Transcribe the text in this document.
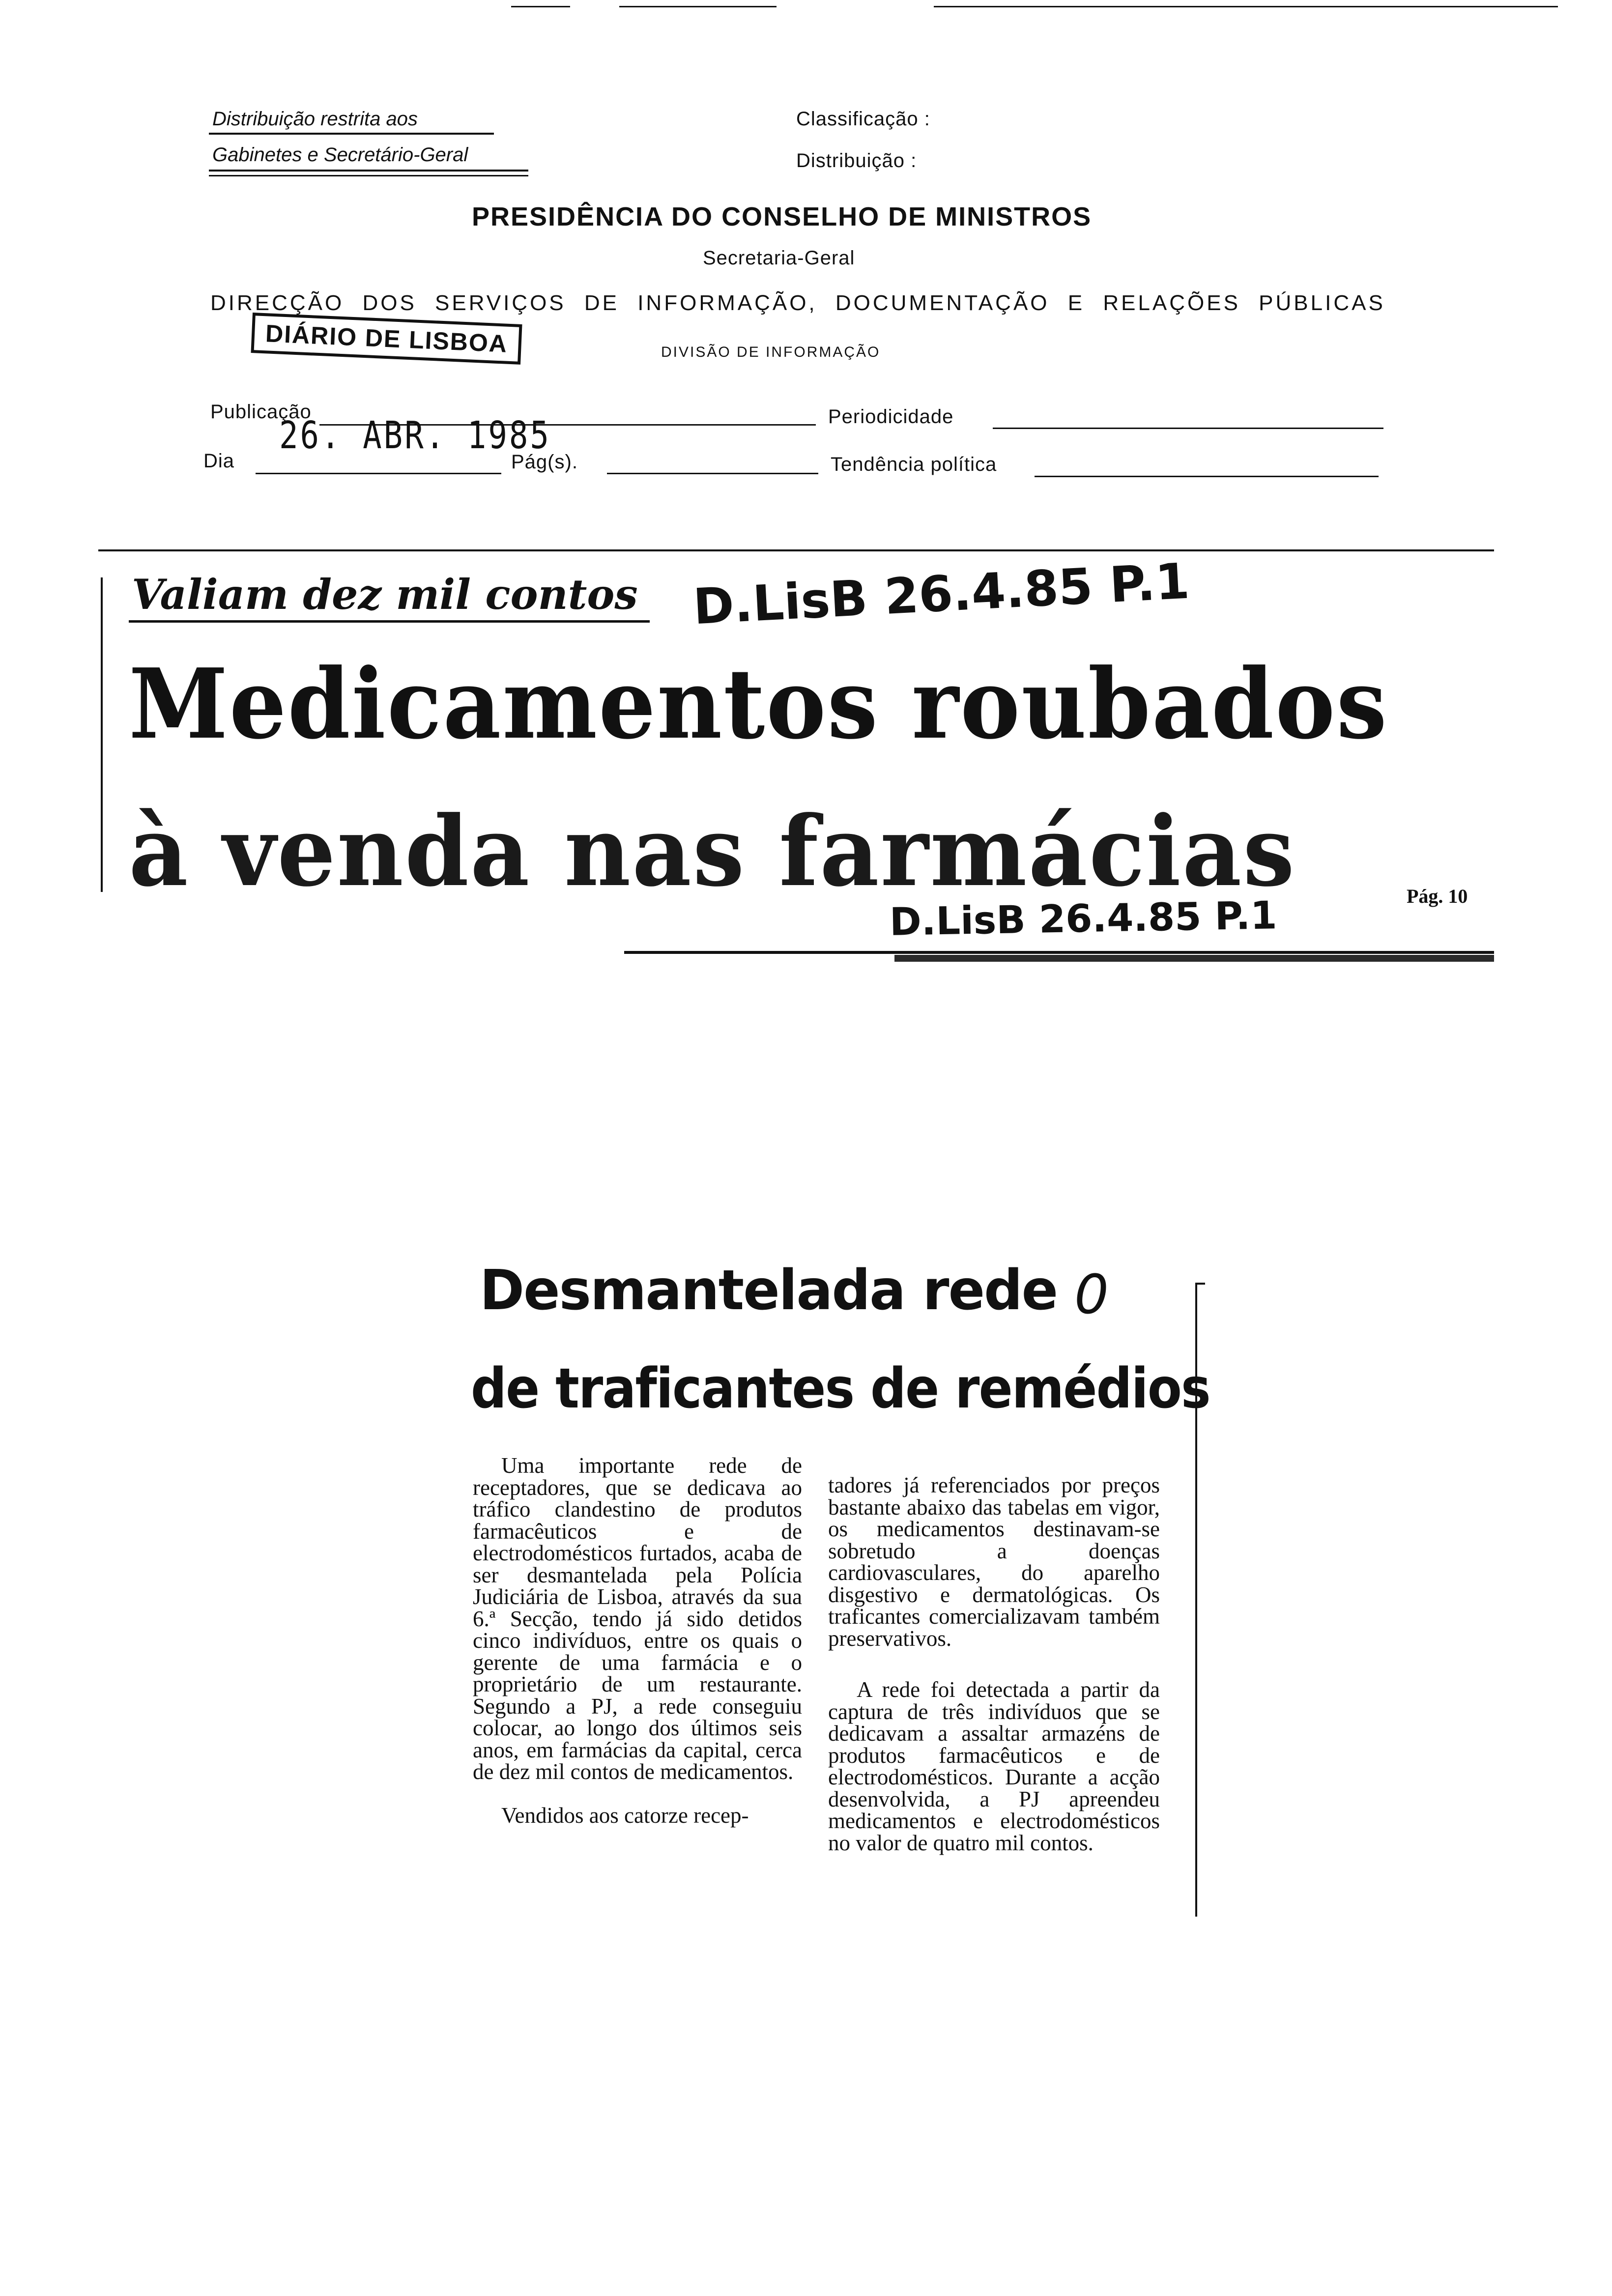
Distribuição restrita aos
Gabinetes e Secretário-Geral
Classificação :
Distribuição :
PRESIDÊNCIA DO CONSELHO DE MINISTROS
Secretaria-Geral
DIRECÇÃO DOS SERVIÇOS DE INFORMAÇÃO, DOCUMENTAÇÃO E RELAÇÕES PÚBLICAS
DIVISÃO DE INFORMAÇÃO
DIÁRIO DE LISBOA
Publicação
26. ABR. 1985	Periodicidade
Dia	Pág(s).	Tendência política
Valiam dez mil contos D.LisB 26.4.85 P.1
Medicamentos roubados
à venda nas farmácias	Pág. 10
D.LisB 26.4.85 P.1
Desmantelada rede 0
de traficantes de remédios

Uma importante rede de receptadores, que se dedicava ao tráfico clandestino de produtos farmacêuticos e de electrodomésticos furtados, acaba de ser desmantelada pela Polícia Judiciária de Lisboa, através da sua 6.ª Secção, tendo já sido detidos cinco indivíduos, entre os quais o gerente de uma farmácia e o proprietário de um restaurante. Segundo a PJ, a rede conseguiu colocar, ao longo dos últimos seis anos, em farmácias da capital, cerca de dez mil contos de medicamentos.

Vendidos aos catorze recep-

tadores já referenciados por preços bastante abaixo das tabelas em vigor, os medicamentos destinavam-se sobretudo a doenças cardiovasculares, do aparelho disgestivo e dermatológicas. Os traficantes comercializavam também preservativos.

A rede foi detectada a partir da captura de três indivíduos que se dedicavam a assaltar armazéns de produtos farmacêuticos e de electrodomésticos. Durante a acção desenvolvida, a PJ apreendeu medicamentos e electrodomésticos no valor de quatro mil contos.
